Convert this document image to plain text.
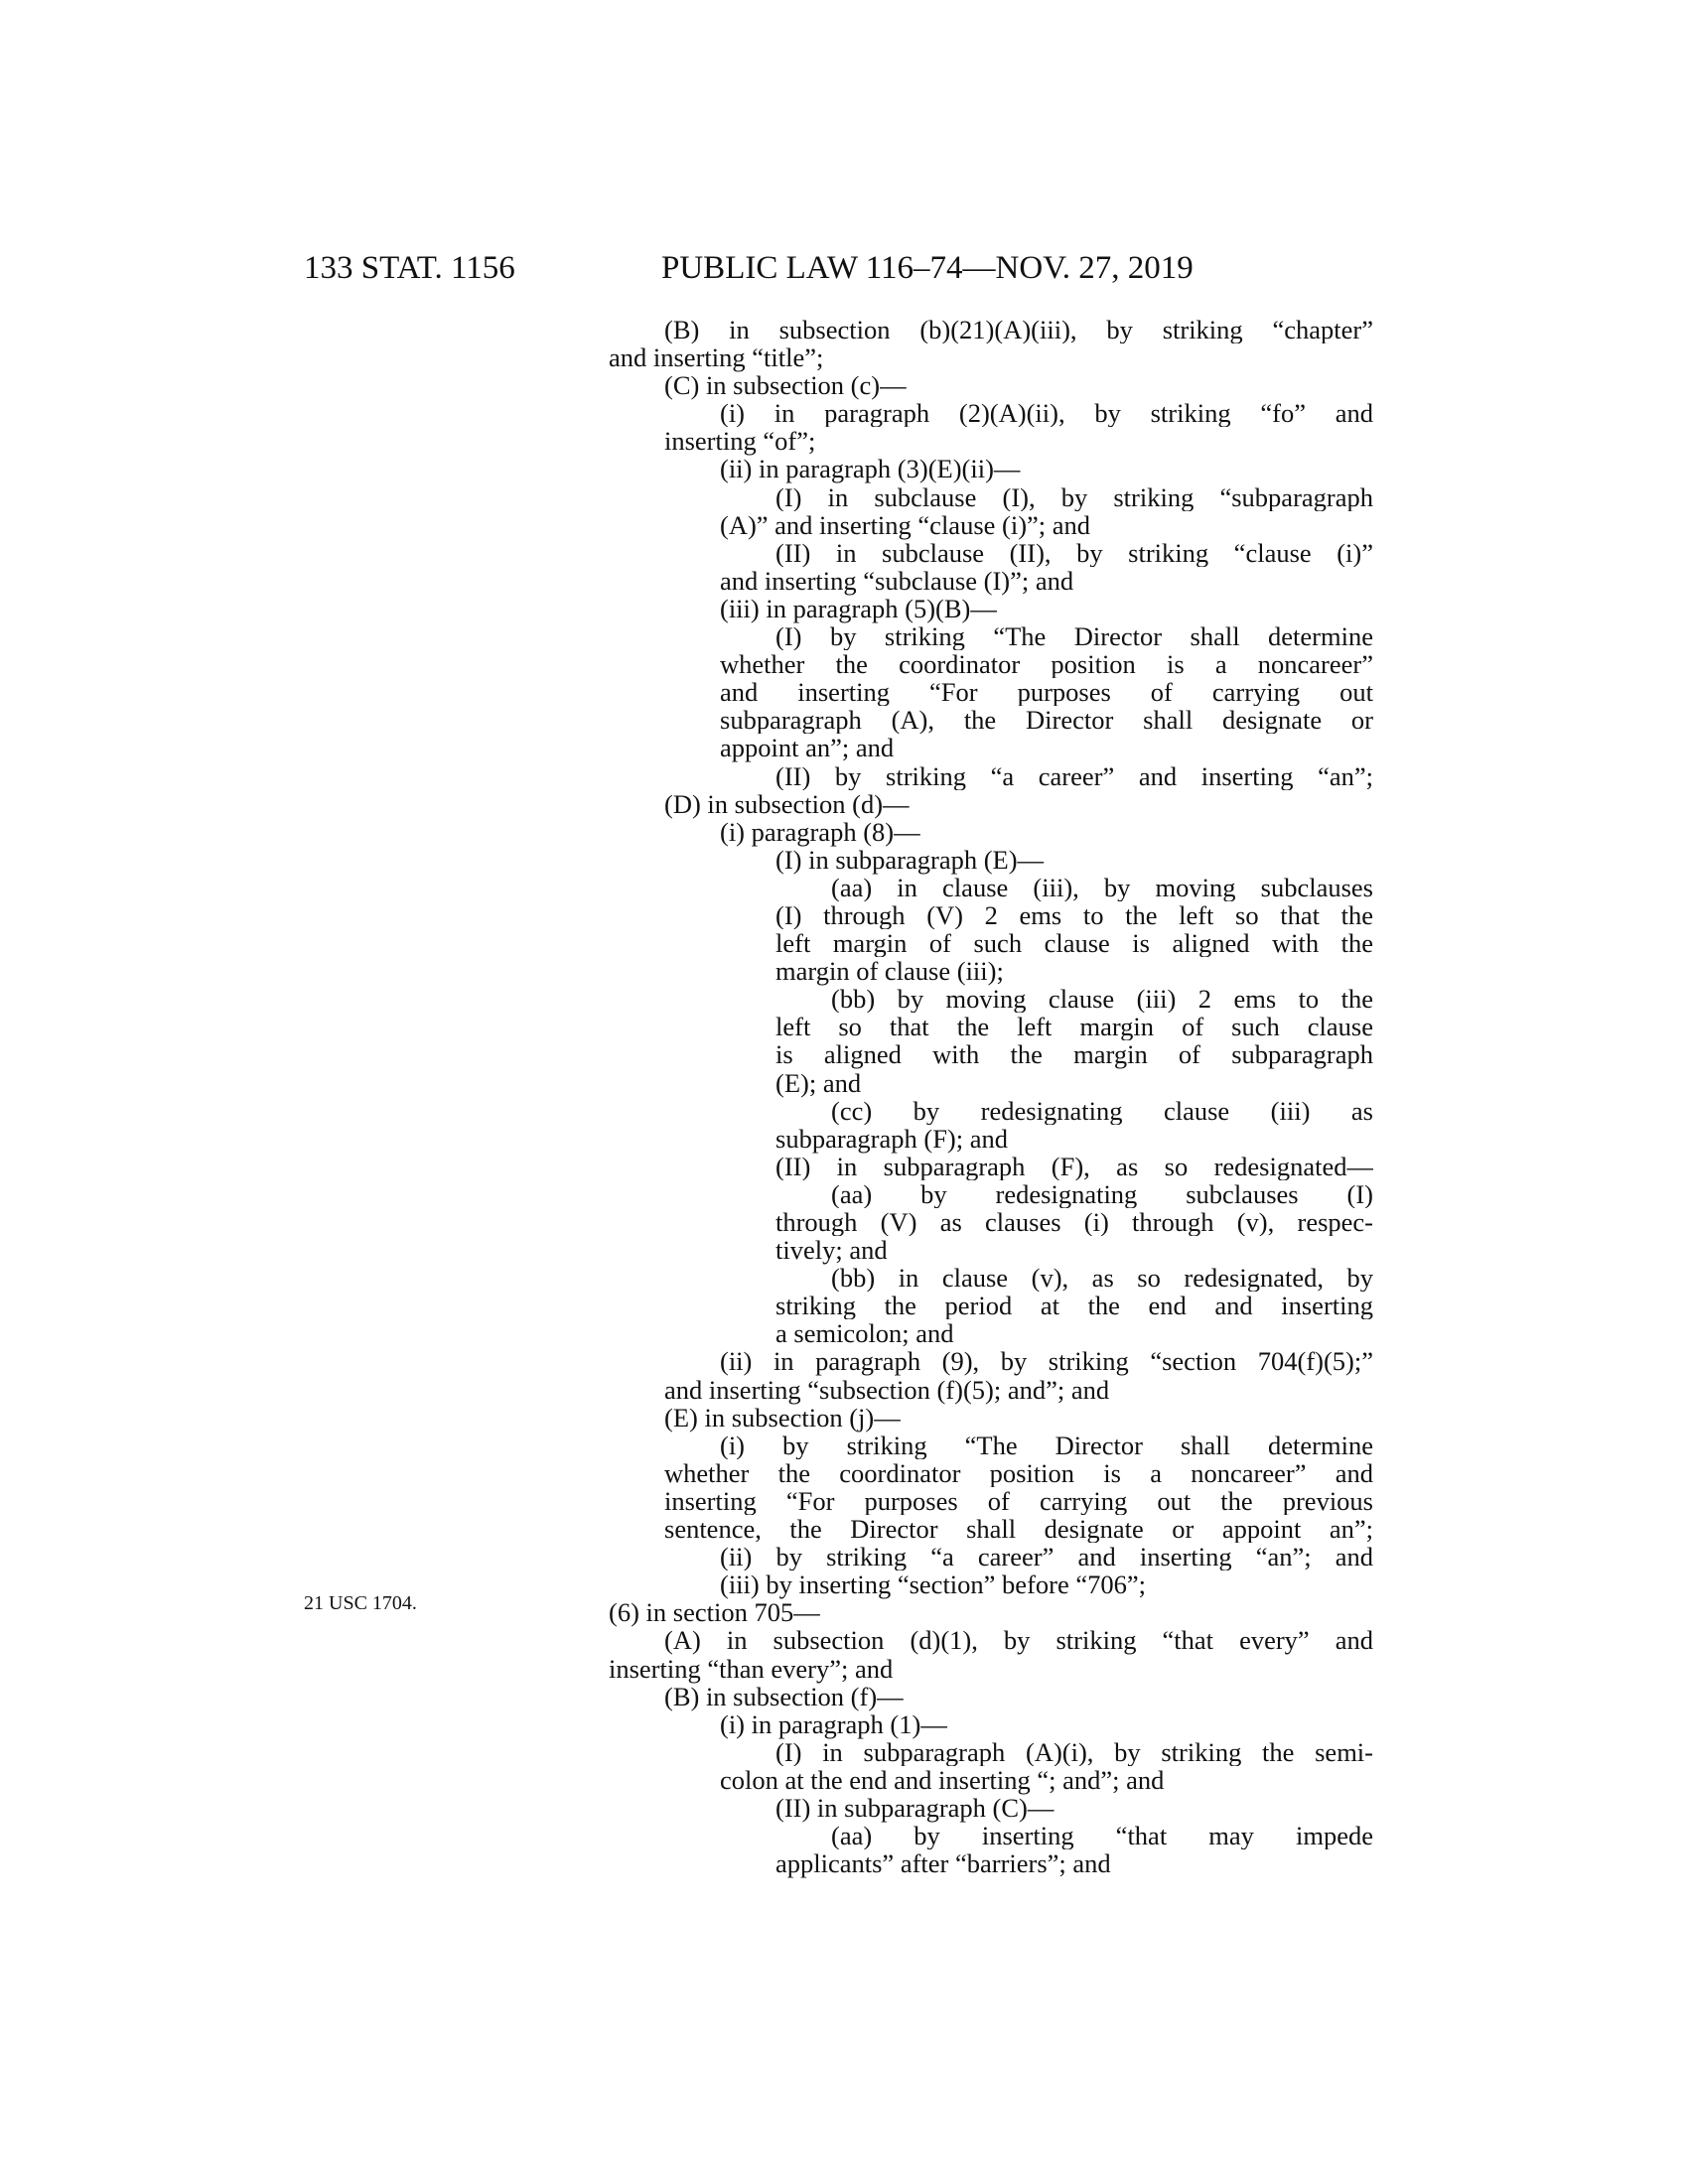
133 STAT. 1156	PUBLIC LAW 116–74—NOV. 27, 2019
21 USC 1704.
(B) in subsection (b)(21)(A)(iii), by striking “chapter”
and inserting “title”;
(C) in subsection (c)—
(i) in paragraph (2)(A)(ii), by striking “fo” and
inserting “of”;
(ii) in paragraph (3)(E)(ii)—
(I) in subclause (I), by striking “subparagraph
(A)” and inserting “clause (i)”; and
(II) in subclause (II), by striking “clause (i)”
and inserting “subclause (I)”; and
(iii) in paragraph (5)(B)—
(I) by striking “The Director shall determine
whether the coordinator position is a noncareer”
and inserting “For purposes of carrying out
subparagraph (A), the Director shall designate or
appoint an”; and
(II) by striking “a career” and inserting “an”;
(D) in subsection (d)—
(i) paragraph (8)—
(I) in subparagraph (E)—
(aa) in clause (iii), by moving subclauses
(I) through (V) 2 ems to the left so that the
left margin of such clause is aligned with the
margin of clause (iii);
(bb) by moving clause (iii) 2 ems to the
left so that the left margin of such clause
is aligned with the margin of subparagraph
(E); and
(cc) by redesignating clause (iii) as
subparagraph (F); and
(II) in subparagraph (F), as so redesignated—
(aa) by redesignating subclauses (I)
through (V) as clauses (i) through (v), respec-
tively; and
(bb) in clause (v), as so redesignated, by
striking the period at the end and inserting
a semicolon; and
(ii) in paragraph (9), by striking “section 704(f)(5);”
and inserting “subsection (f)(5); and”; and
(E) in subsection (j)—
(i) by striking “The Director shall determine
whether the coordinator position is a noncareer” and
inserting “For purposes of carrying out the previous
sentence, the Director shall designate or appoint an”;
(ii) by striking “a career” and inserting “an”; and
(iii) by inserting “section” before “706”;
(6) in section 705—
(A) in subsection (d)(1), by striking “that every” and
inserting “than every”; and
(B) in subsection (f)—
(i) in paragraph (1)—
(I) in subparagraph (A)(i), by striking the semi-
colon at the end and inserting “; and”; and
(II) in subparagraph (C)—
(aa) by inserting “that may impede
applicants” after “barriers”; and
